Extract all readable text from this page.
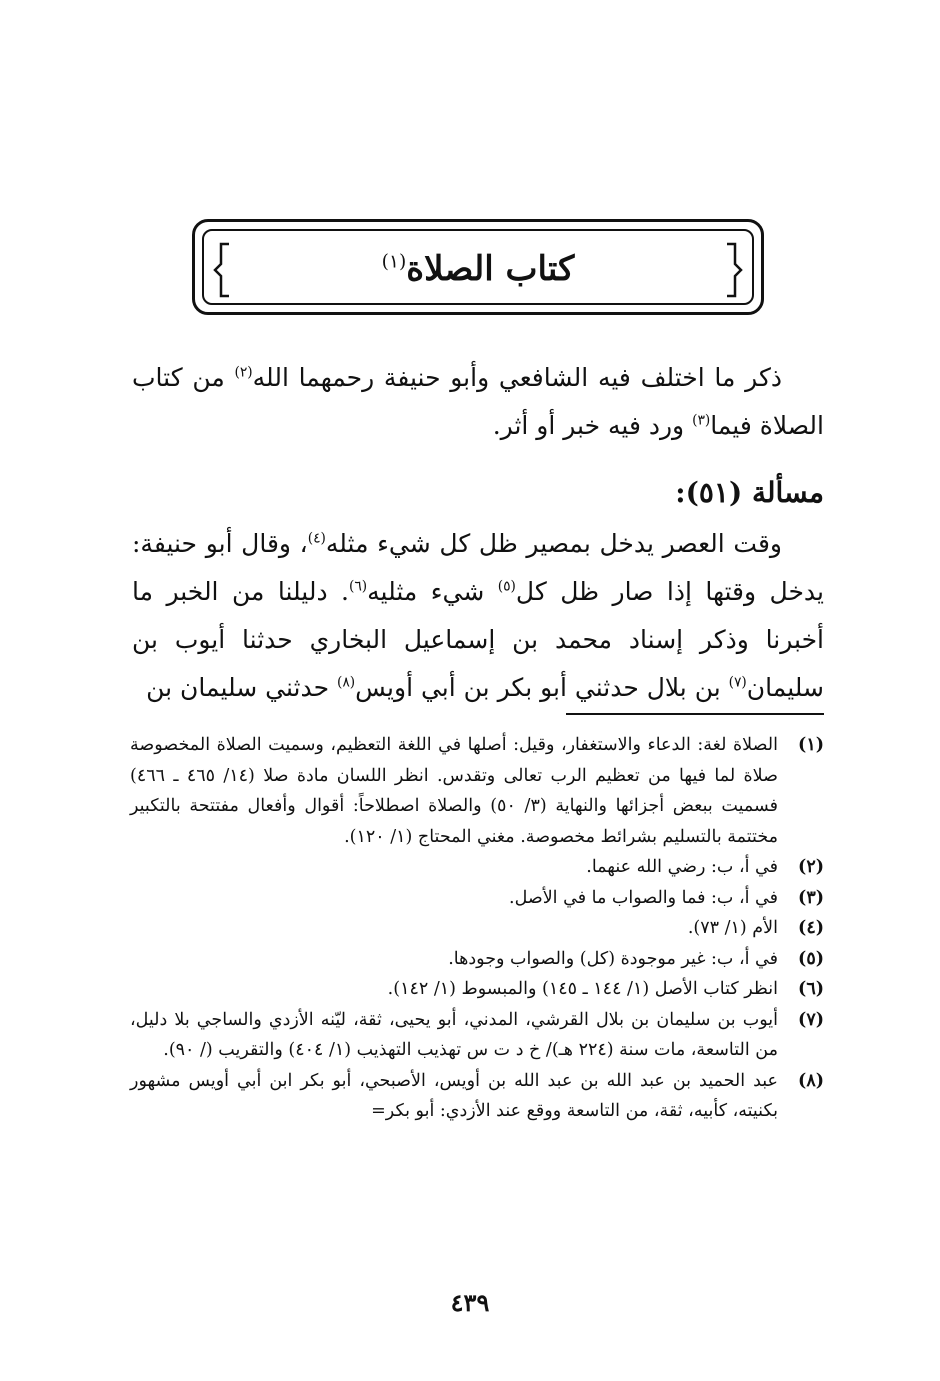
كتاب الصلاة$^{(١)}$

ذكر ما اختلف فيه الشافعي وأبو حنيفة رحمهما الله$^{(٢)}$ من كتاب الصلاة فيما$^{(٣)}$ ورد فيه خبر أو أثر.

مسألة (٥١):

وقت العصر يدخل بمصير ظل كل شيء مثله$^{(٤)}$، وقال أبو حنيفة: يدخل وقتها إذا صار ظل كل$^{(٥)}$ شيء مثليه$^{(٦)}$. دليلنا من الخبر ما أخبرنا وذكر إسناد محمد بن إسماعيل البخاري حدثنا أيوب بن سليمان$^{(٧)}$ بن بلال حدثني أبو بكر بن أبي أويس$^{(٨)}$ حدثني سليمان بن

(١)
الصلاة لغة: الدعاء والاستغفار، وقيل: أصلها في اللغة التعظيم، وسميت الصلاة المخصوصة صلاة لما فيها من تعظيم الرب تعالى وتقدس. انظر اللسان مادة صلا (١٤/ ٤٦٥ ـ ٤٦٦) فسميت ببعض أجزائها والنهاية (٣/ ٥٠) والصلاة اصطلاحاً: أقوال وأفعال مفتتحة بالتكبير مختتمة بالتسليم بشرائط مخصوصة. مغني المحتاج (١/ ١٢٠).
(٢)
في أ، ب: رضي الله عنهما.
(٣)
في أ، ب: فما والصواب ما في الأصل.
(٤)
الأم (١/ ٧٣).
(٥)
في أ، ب: غير موجودة (كل) والصواب وجودها.
(٦)
انظر كتاب الأصل (١/ ١٤٤ ـ ١٤٥) والمبسوط (١/ ١٤٢).
(٧)
أيوب بن سليمان بن بلال القرشي، المدني، أبو يحيى، ثقة، ليّنه الأزدي والساجي بلا دليل، من التاسعة، مات سنة (٢٢٤ هـ)/ خ د ت س تهذيب التهذيب (١/ ٤٠٤) والتقريب (/ ٩٠).
(٨)
عبد الحميد بن عبد الله بن عبد الله بن أويس، الأصبحي، أبو بكر ابن أبي أويس مشهور بكنيته، كأبيه، ثقة، من التاسعة ووقع عند الأزدي: أبو بكر=
٤٣٩
